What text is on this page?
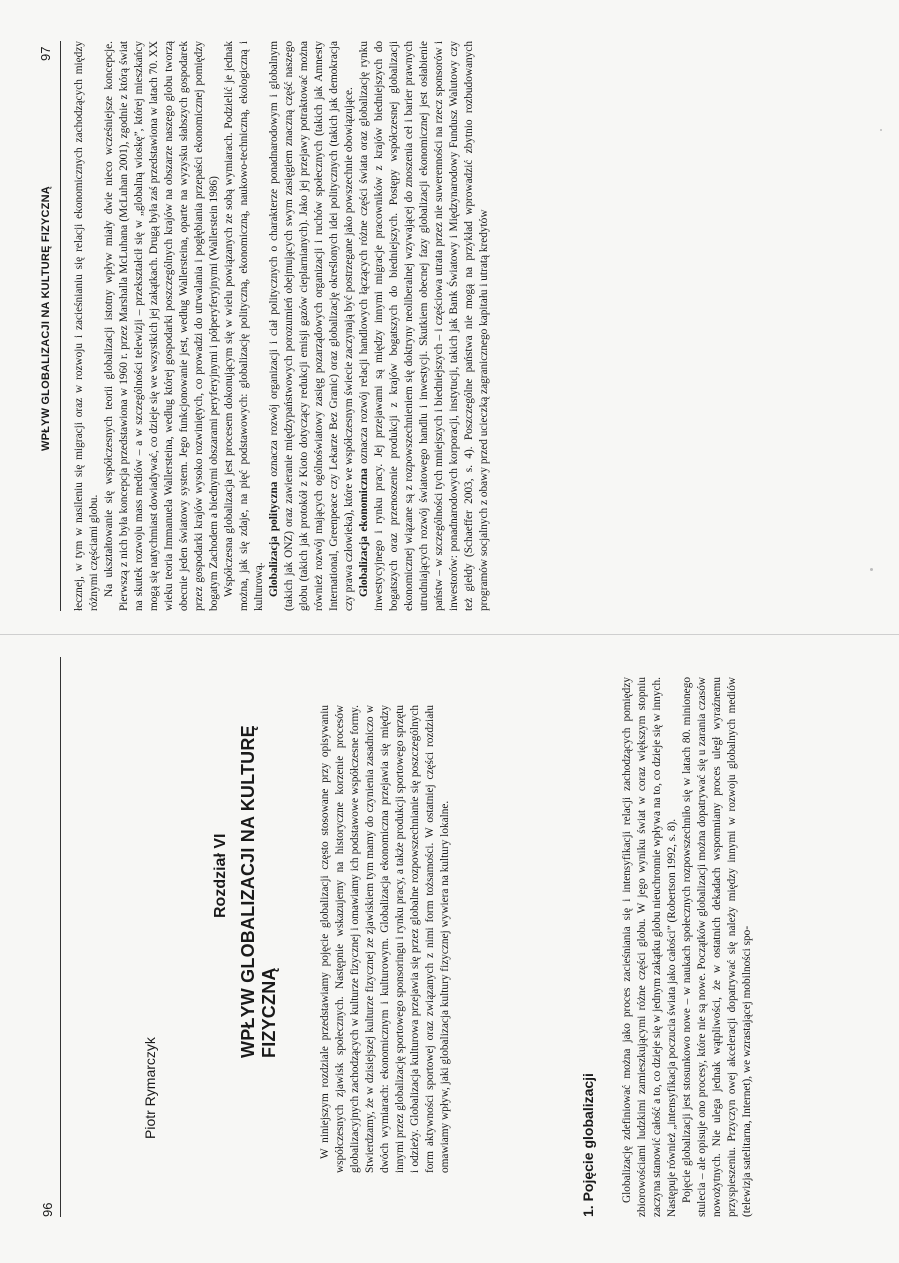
96
Piotr Rymarczyk
Rozdział VI WPŁYW GLOBALIZACJI NA KULTURĘ FIZYCZNĄ	W niniejszym rozdziale przedstawiamy pojęcie globalizacji często stosowane przy opisywaniu współczesnych zjawisk społecznych. Następnie wskazujemy na historyczne korzenie procesów globalizacyjnych zachodzących w kulturze fizycznej i omawiamy ich podstawowe współczesne formy. Stwierdzamy, że w dzisiejszej kulturze fizycznej ze zjawiskiem tym mamy do czynienia zasadniczo w dwóch wymiarach: ekonomicznym i kulturowym. Globalizacja ekonomiczna przejawia się między innymi przez globalizację sportowego sponsoringu i rynku pracy, a także produkcji sportowego sprzętu i odzieży. Globalizacja kulturowa przejawia się przez globalne rozpowszechnianie się poszczególnych form aktywności sportowej oraz związanych z nimi form tożsamości. W ostatniej części rozdziału omawiamy wpływ, jaki globalizacja kultury fizycznej wywiera na kultury lokalne.	1. Pojęcie globalizacji Globalizację zdefiniować można jako proces zacieśniania się i intensyfikacji relacji zachodzących pomiędzy zbiorowościami ludzkimi zamieszkującymi różne części globu. W jego wyniku świat w coraz większym stopniu zaczyna stanowić całość a to, co dzieje się w jednym zakątku globu nieuchronnie wpływa na to, co dzieje się w innych. Następuje również „intensyfikacja poczucia świata jako całości” (Robertson 1992, s. 8). Pojęcie globalizacji jest stosunkowo nowe – w naukach społecznych rozpowszechniło się w latach 80. minionego stulecia – ale opisuje ono procesy, które nie są nowe. Początków globalizacji można dopatrywać się u zarania czasów nowożytnych. Nie ulega jednak wątpliwości, że w ostatnich dekadach wspomniany proces uległ wyraźnemu przyspieszeniu. Przyczyn owej akceleracji dopatrywać się należy między innymi w rozwoju globalnych mediów (telewizja satelitarna, Internet), we wzrastającej mobilności spo-

WPŁYW GLOBALIZACJI NA KULTURĘ FIZYCZNĄ
97 łecznej, w tym w nasileniu się migracji oraz w rozwoju i zacieśnianiu się relacji ekonomicznych zachodzących między różnymi częściami globu. Na ukształtowanie się współczesnych teorii globalizacji istotny wpływ miały dwie nieco wcześniejsze koncepcje. Pierwszą z nich była koncepcja przedstawiona w 1960 r. przez Marshalla McLuhana (McLuhan 2001), zgodnie z którą świat na skutek rozwoju mass mediów – a w szczególności telewizji – przekształcił się w „globalną wioskę”, której mieszkańcy mogą się natychmiast dowiadywać, co dzieje się we wszystkich jej zakątkach. Drugą była zaś przedstawiona w latach 70. XX wieku teoria Immanuela Wallersteina, według której gospodarki poszczególnych krajów na obszarze naszego globu tworzą obecnie jeden światowy system. Jego funkcjonowanie jest, według Wallersteina, oparte na wyzysku słabszych gospodarek przez gospodarki krajów wysoko rozwiniętych, co prowadzi do utrwalania i pogłębiania przepaści ekonomicznej pomiędzy bogatym Zachodem a biednymi obszarami peryferyjnymi i półperyferyjnymi (Wallerstein 1986) Współczesna globalizacja jest procesem dokonującym się w wielu powiązanych ze sobą wymiarach. Podzielić je jednak można, jak się zdaje, na pięć podstawowych: globalizację polityczną, ekonomiczną, naukowo-techniczną, ekologiczną i kulturową. Globalizacja polityczna oznacza rozwój organizacji i ciał politycznych o charakterze ponadnarodowym i globalnym (takich jak ONZ) oraz zawieranie międzypaństwowych porozumień obejmujących swym zasięgiem znaczną część naszego globu (takich jak protokół z Kioto dotyczący redukcji emisji gazów cieplarnianych). Jako jej przejawy potraktować można również rozwój mających ogólnoświatowy zasięg pozarządowych organizacji i ruchów społecznych (takich jak Amnesty International, Greenpeace czy Lekarze Bez Granic) oraz globalizację określonych idei politycznych (takich jak demokracja czy prawa człowieka), które we współczesnym świecie zaczynają być postrzegane jako powszechnie obowiązujące. Globalizacja ekonomiczna oznacza rozwój relacji handlowych łączących różne części świata oraz globalizację rynku inwestycyjnego i rynku pracy. Jej przejawami są między innymi migracje pracowników z krajów biedniejszych do bogatszych oraz przenoszenie produkcji z krajów bogatszych do biedniejszych. Postępy współczesnej globalizacji ekonomicznej wiązane są z rozpowszechnieniem się doktryny neoliberalnej wzywającej do znoszenia ceł i barier prawnych utrudniających rozwój światowego handlu i inwestycji. Skutkiem obecnej fazy globalizacji ekonomicznej jest osłabienie państw – w szczególności tych mniejszych i biedniejszych – i częściowa utrata przez nie suwerenności na rzecz sponsorów i inwestorów: ponadnarodowych korporacji, instytucji, takich jak Bank Światowy i Międzynarodowy Fundusz Walutowy czy też giełdy (Schaeffer 2003, s. 4). Poszczególne państwa nie mogą na przykład wprowadzić zbytnio rozbudowanych programów socjalnych z obawy przed ucieczką zagranicznego kapitału i utratą kredytów
